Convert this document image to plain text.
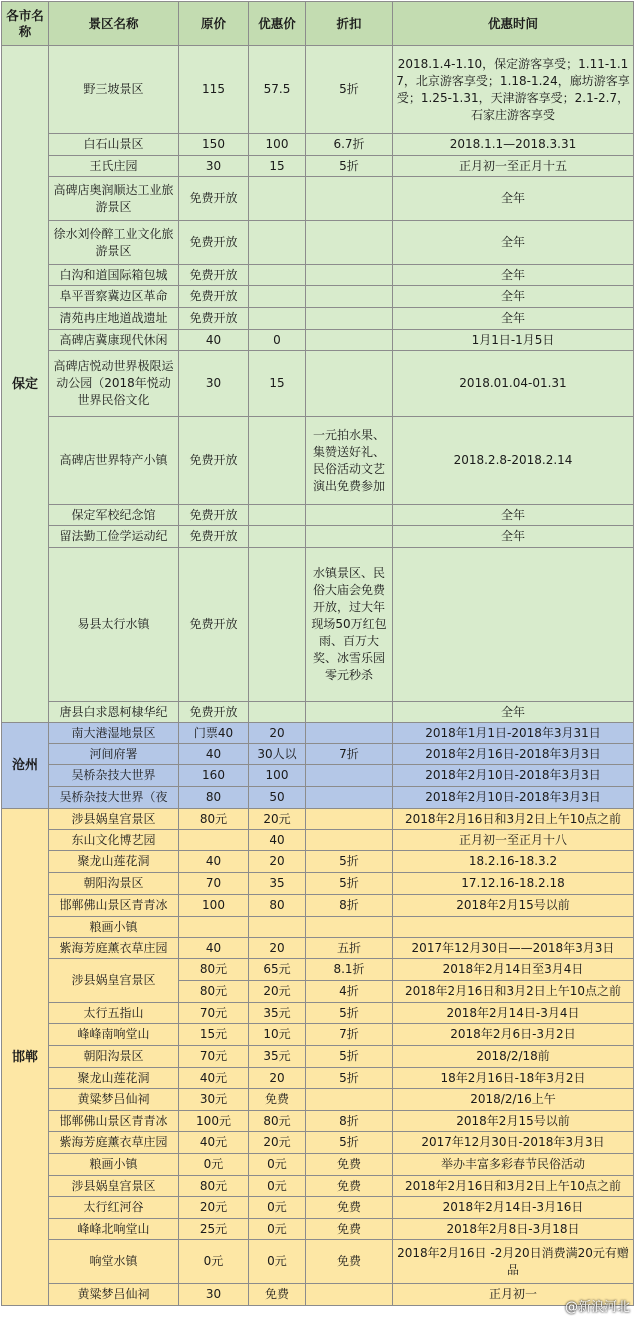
各市名称	景区名称	原价	优惠价	折扣	优惠时间
保定	野三坡景区	115	57.5	5折	2018.1.4-1.10，保定游客享受；1.11-1.17，北京游客享受；1.18-1.24，廊坊游客享受；1.25-1.31，天津游客享受；2.1-2.7，石家庄游客享受
	白石山景区	150	100	6.7折	2018.1.1—2018.3.31
	王氏庄园	30	15	5折	正月初一至正月十五
	高碑店奥润顺达工业旅游景区	免费开放			全年
	徐水刘伶醉工业文化旅游景区	免费开放			全年
	白沟和道国际箱包城	免费开放			全年
	阜平晋察冀边区革命	免费开放			全年
	清苑冉庄地道战遗址	免费开放			全年
	高碑店冀康现代休闲	40	0		1月1日-1月5日
	高碑店悦动世界极限运动公园（2018年悦动世界民俗文化	30	15		2018.01.04-01.31
	高碑店世界特产小镇	免费开放		一元拍水果、集赞送好礼、民俗活动文艺演出免费参加	2018.2.8-2018.2.14
	保定军校纪念馆	免费开放			全年
	留法勤工俭学运动纪	免费开放			全年
	易县太行水镇	免费开放		水镇景区、民俗大庙会免费开放，过大年现场50万红包雨、百万大奖、冰雪乐园零元秒杀	
	唐县白求恩柯棣华纪	免费开放			全年
沧州	南大港湿地景区	门票40	20		2018年1月1日-2018年3月31日
	河间府署	40	30人以	7折	2018年2月16日-2018年3月3日
	吴桥杂技大世界	160	100		2018年2月10日-2018年3月3日
	吴桥杂技大世界（夜	80	50		2018年2月10日-2018年3月3日
邯郸	涉县娲皇宫景区	80元	20元		2018年2月16日和3月2日上午10点之前
	东山文化博艺园		40		正月初一至正月十八
	聚龙山莲花洞	40	20	5折	18.2.16-18.3.2
	朝阳沟景区	70	35	5折	17.12.16-18.2.18
	邯郸佛山景区青青冰	100	80	8折	2018年2月15号以前
	粮画小镇				
	紫海芳庭薰衣草庄园	40	20	五折	2017年12月30日——2018年3月3日
	涉县娲皇宫景区	80元	65元	8.1折	2018年2月14日至3月4日
		80元	20元	4折	2018年2月16日和3月2日上午10点之前
	太行五指山	70元	35元	5折	2018年2月14日-3月4日
	峰峰南响堂山	15元	10元	7折	2018年2月6日-3月2日
	朝阳沟景区	70元	35元	5折	2018/2/18前
	聚龙山莲花洞	40元	20	5折	18年2月16日-18年3月2日
	黄粱梦吕仙祠	30元	免费		2018/2/16上午
	邯郸佛山景区青青冰	100元	80元	8折	2018年2月15号以前
	紫海芳庭薰衣草庄园	40元	20元	5折	2017年12月30日-2018年3月3日
	粮画小镇	0元	0元	免费	举办丰富多彩春节民俗活动
	涉县娲皇宫景区	80元	0元	免费	2018年2月16日和3月2日上午10点之前
	太行红河谷	20元	0元	免费	2018年2月14日-3月16日
	峰峰北响堂山	25元	0元	免费	2018年2月8日-3月18日
	响堂水镇	0元	0元	免费	2018年2月16日 -2月20日消费满20元有赠品
	黄粱梦吕仙祠	30	免费		正月初一
@新浪河北
